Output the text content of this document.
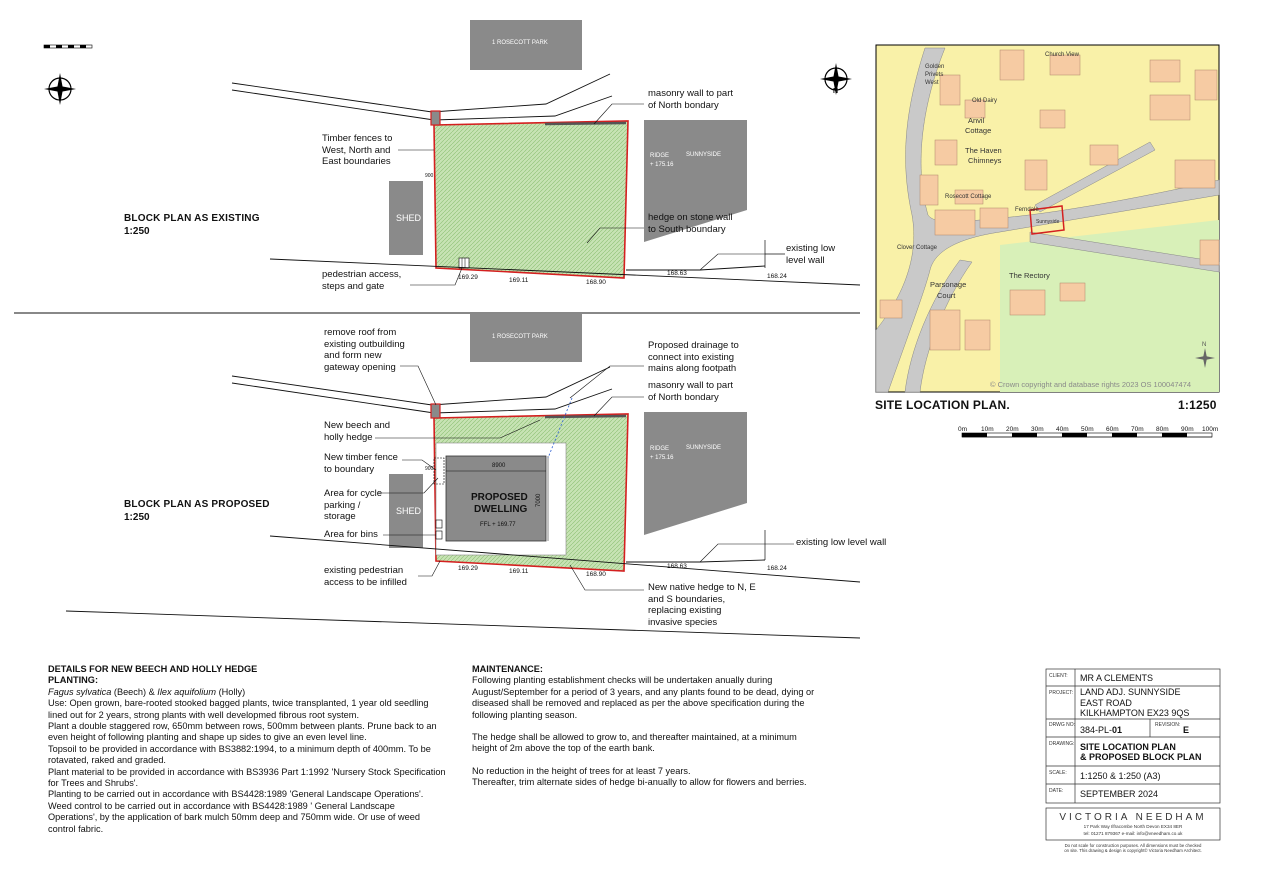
N
169.29	169.11	168.90
168.63	168.24
900
1 ROSECOTT PARK
SUNNYSIDE
RIDGE
+ 175.16
SHED
169.29	169.11	168.90
168.63	168.24
900	8900
7000
PROPOSED
DWELLING
FFL + 169.77
1 ROSECOTT PARK
SUNNYSIDE
RIDGE
+ 175.16
SHED
Church View
Golden
Privets
West
Old Dairy
Anvil
Cottage
The Haven
Chimneys
Rosecott Cottage
Ferndale
Sunnyside
Clover Cottage
The Rectory
Parsonage
Court
N
© Crown copyright and database rights 2023 OS 100047474
0m 10m 20m 30m 40m 50m 60m 70m 80m 90m 100m
BLOCK PLAN AS EXISTING
1:250
Timber fences to
West, North and
East boundaries
masonry wall to part
of North bondary
hedge on stone wall
to South boundary
existing low
level wall
pedestrian access,
steps and gate
BLOCK PLAN AS PROPOSED
1:250
remove roof from
existing outbuilding
and form new
gateway opening
Proposed drainage to
connect into existing
mains along footpath
masonry wall to part
of North bondary
New beech and
holly hedge
New timber fence
to boundary
Area for cycle
parking /
storage
Area for bins
existing low level wall
existing pedestrian
access to be infilled	New native hedge to N, E
and S boundaries,
replacing existing
invasive species
SITE LOCATION PLAN.	1:1250

DETAILS FOR NEW BEECH AND HOLLY HEDGE

PLANTING:

Fagus sylvatica (Beech) & Ilex aquifolium (Holly)

Use: Open grown, bare-rooted stooked bagged plants, twice transplanted, 1 year old seedling lined out for 2 years, strong plants with well developmed fibrous root system.

Plant a double staggered row, 650mm between rows, 500mm between plants. Prune back to an even height of following planting and shape up sides to give an even level line.

Topsoil to be provided in accordance with BS3882:1994, to a minimum depth of 400mm. To be rotavated, raked and graded.

Plant material to be provided in accordance with BS3936 Part 1:1992 'Nursery Stock Specification for Trees and Shrubs'.

Planting to be carried out in accordance with BS4428:1989 'General Landscape Operations'.

Weed control to be carried out in accordance with BS4428:1989 ' General Landscape Operations', by the application of bark mulch 50mm deep and 750mm wide. Or use of weed control fabric.

MAINTENANCE:

Following planting establishment checks will be undertaken anually during August/September for a period of 3 years, and any plants found to be dead, dying or diseased shall be removed and replaced as per the above specification during the following planting season.

The hedge shall be allowed to grow to, and thereafter maintained, at a minimum height of 2m above the top of the earth bank.

No reduction in the height of trees for at least 7 years.
Thereafter, trim alternate sides of hedge bi-anually to allow for flowers and berries.

CLIENT: MR A CLEMENTS
PROJECT: LAND ADJ. SUNNYSIDE
EAST ROAD
KILKHAMPTON EX23 9QS
DRWG NO: 384-PL-01	REVISION: E
DRAWING: SITE LOCATION PLAN
& PROPOSED BLOCK PLAN
SCALE: 1:1250 & 1:250 (A3)
DATE: SEPTEMBER 2024
VICTORIA NEEDHAM
17 Park Way Ilfracombe North Devon EX34 8ER
tel: 01271 879367 e-mail: info@vneedham.co.uk
Do not scale for construction purposes. All dimensions must be checked
on site. This drawing & design is copyright© Victoria Needham Architect.
